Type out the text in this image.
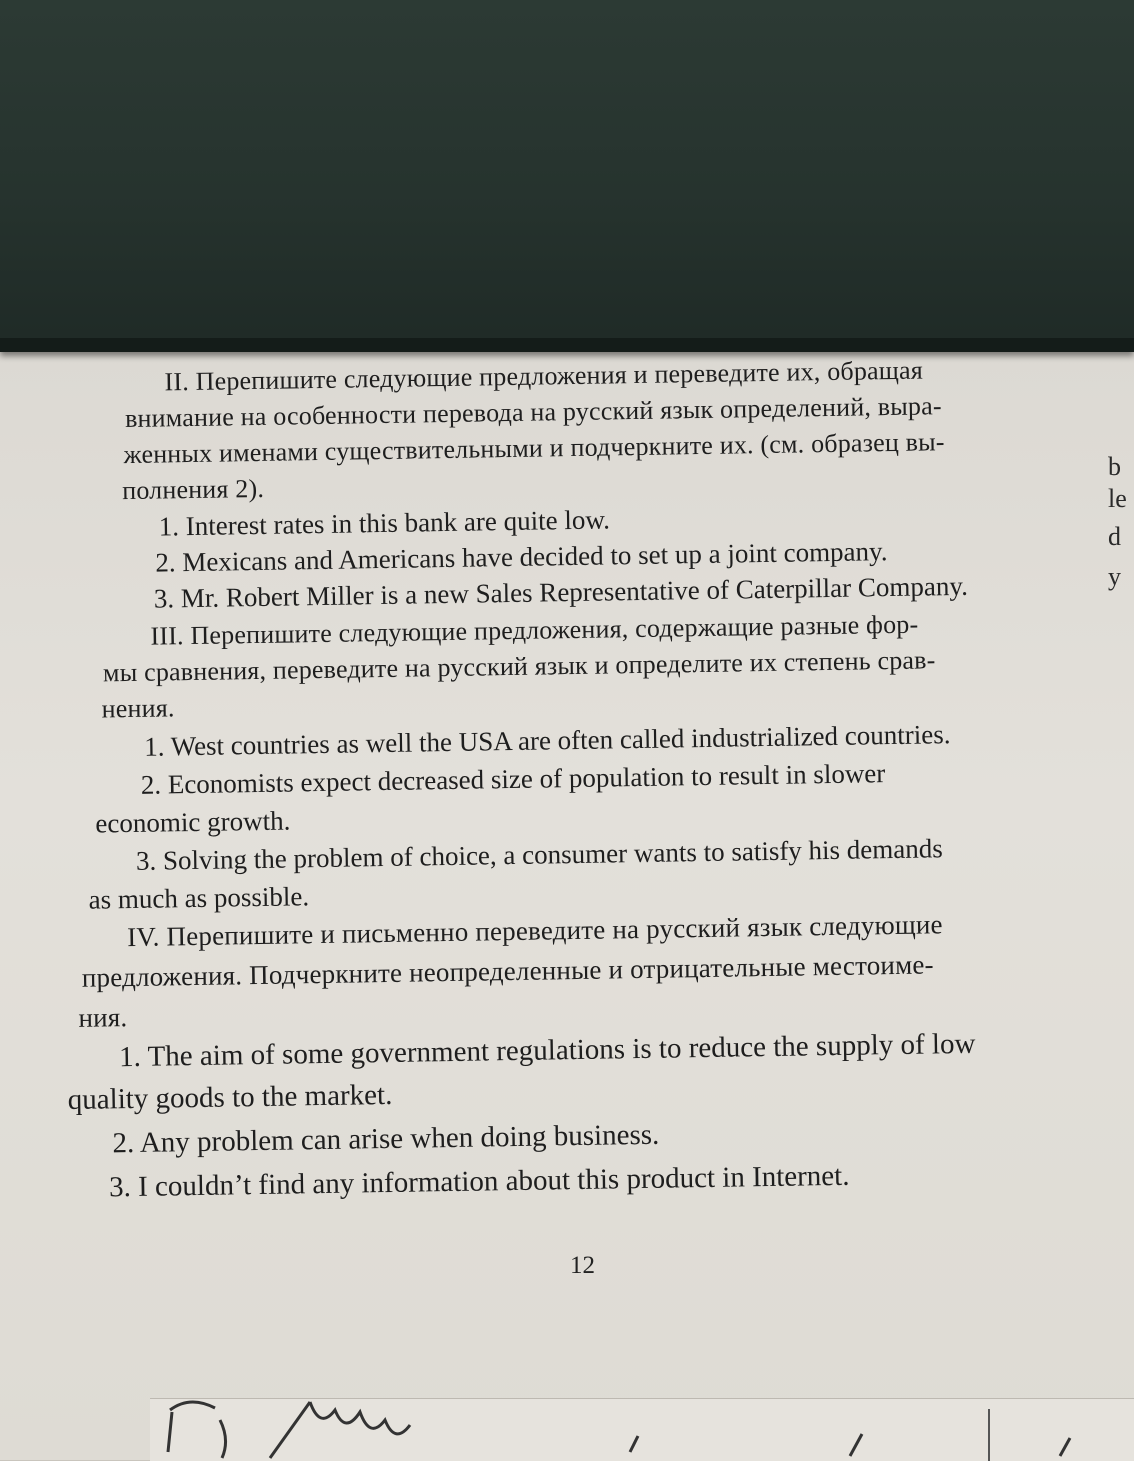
II. Перепишите следующие предложения и переведите их, обращая
внимание на особенности перевода на русский язык определений, выра-
женных именами существительными и подчеркните их. (см. образец вы-
полнения 2).
1. Interest rates in this bank are quite low.
2. Mexicans and Americans have decided to set up a joint company.
3. Mr. Robert Miller is a new Sales Representative of Caterpillar Company.
III. Перепишите следующие предложения, содержащие разные фор-
мы сравнения, переведите на русский язык и определите их степень срав-
нения.
1. West countries as well the USA are often called industrialized countries.
2. Economists expect decreased size of population to result in slower
economic growth.
3. Solving the problem of choice, a consumer wants to satisfy his demands
as much as possible.
IV. Перепишите и письменно переведите на русский язык следующие
предложения. Подчеркните неопределенные и отрицательные местоиме-
ния.
1. The aim of some government regulations is to reduce the supply of low
quality goods to the market.
2. Any problem can arise when doing business.
3. I couldn’t find any information about this product in Internet.
12
b
le
d
y
